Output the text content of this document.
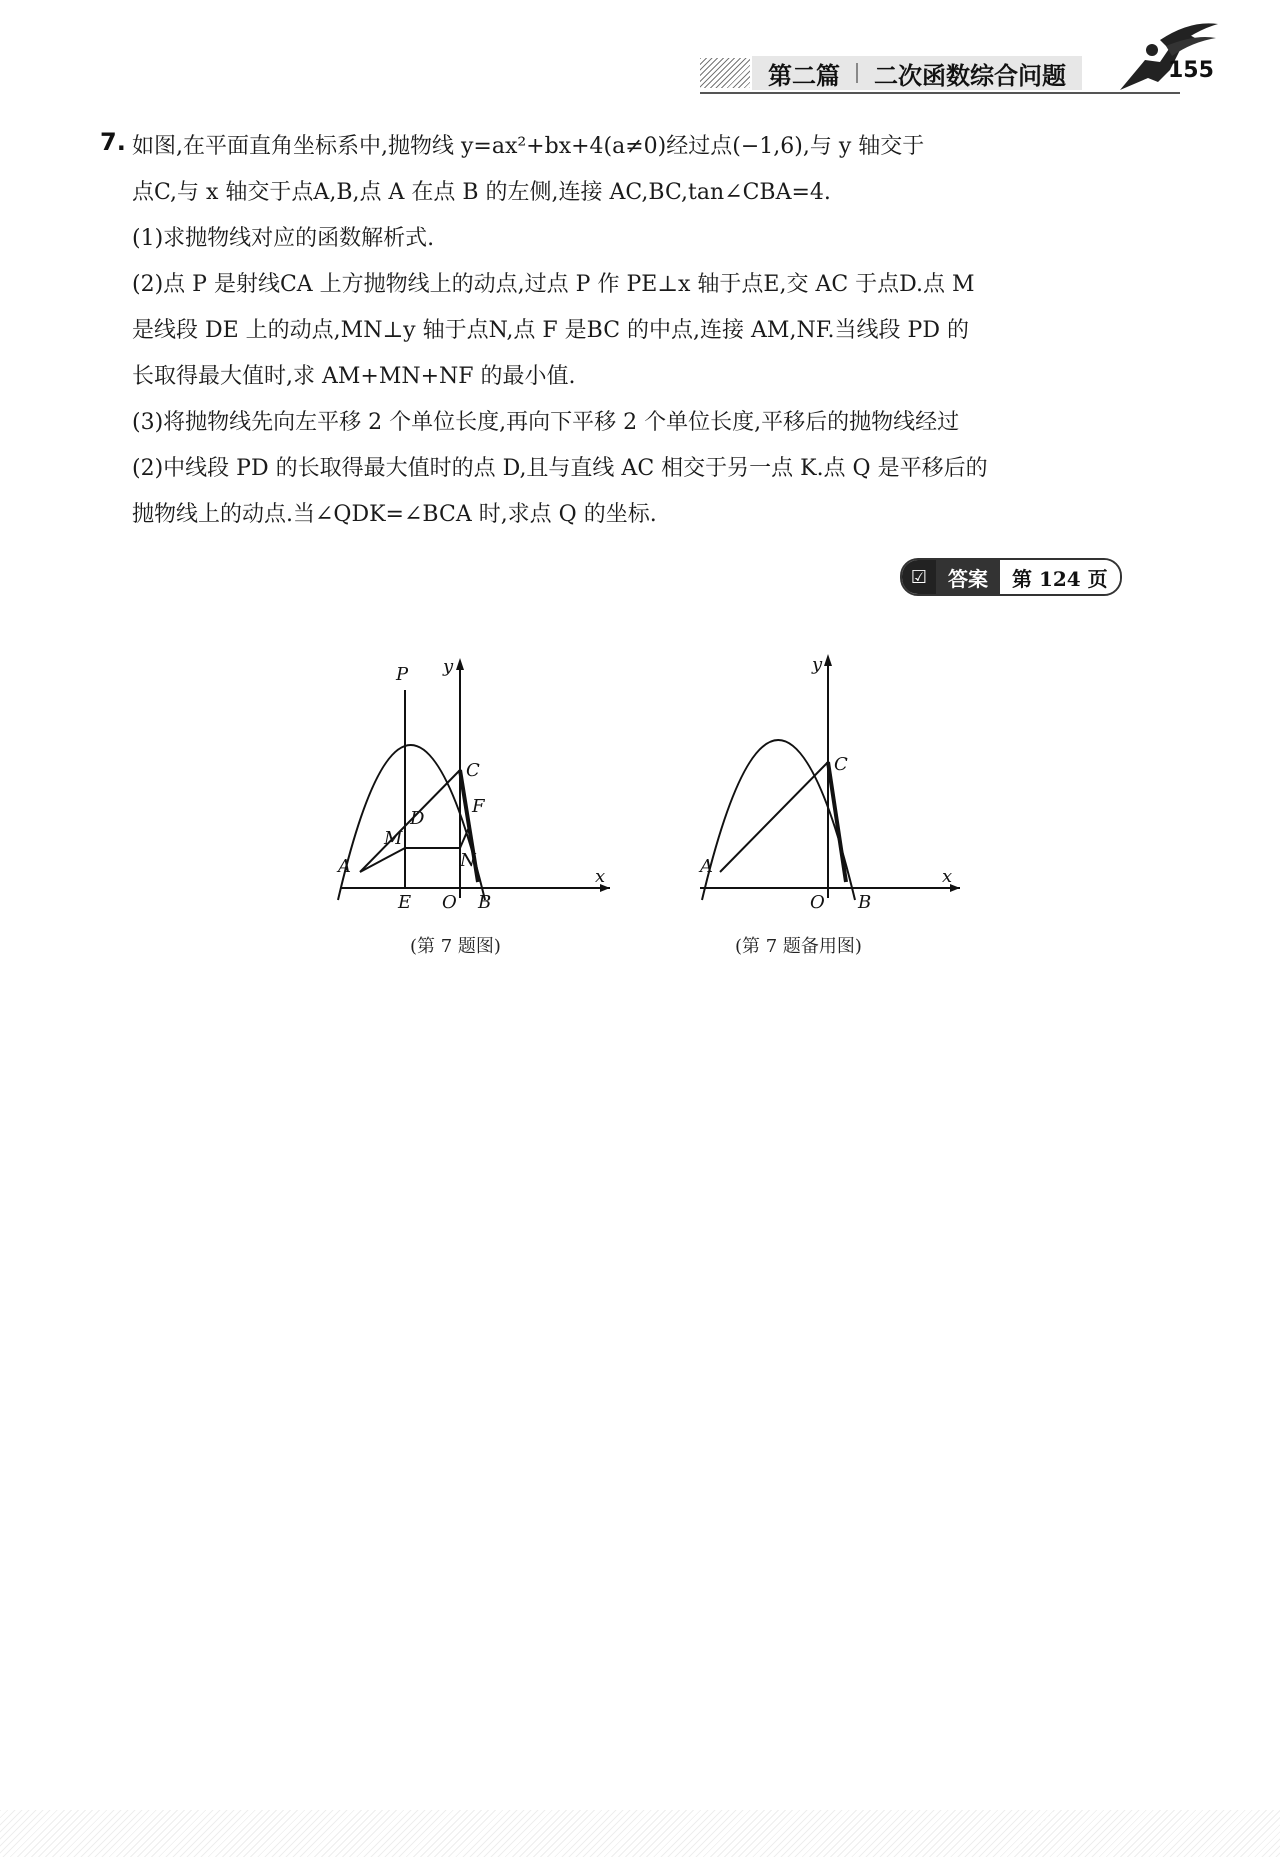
第二篇 二次函数综合问题	155
7. 如图,在平面直角坐标系中,抛物线 y=ax²+bx+4(a≠0)经过点(−1,6),与 y 轴交于
点C,与 x 轴交于点A,B,点 A 在点 B 的左侧,连接 AC,BC,tan∠CBA=4.
(1)求抛物线对应的函数解析式.
(2)点 P 是射线CA 上方抛物线上的动点,过点 P 作 PE⊥x 轴于点E,交 AC 于点D.点 M
是线段 DE 上的动点,MN⊥y 轴于点N,点 F 是BC 的中点,连接 AM,NF.当线段 PD 的
长取得最大值时,求 AM+MN+NF 的最小值.
(3)将抛物线先向左平移 2 个单位长度,再向下平移 2 个单位长度,平移后的抛物线经过
(2)中线段 PD 的长取得最大值时的点 D,且与直线 AC 相交于另一点 K.点 Q 是平移后的
抛物线上的动点.当∠QDK=∠BCA 时,求点 Q 的坐标.
☑	答案	第 124 页
y
x
P
C
D
F
M
N
A
E O B
(第 7 题图)
y
x
C
A
O B
(第 7 题备用图)
